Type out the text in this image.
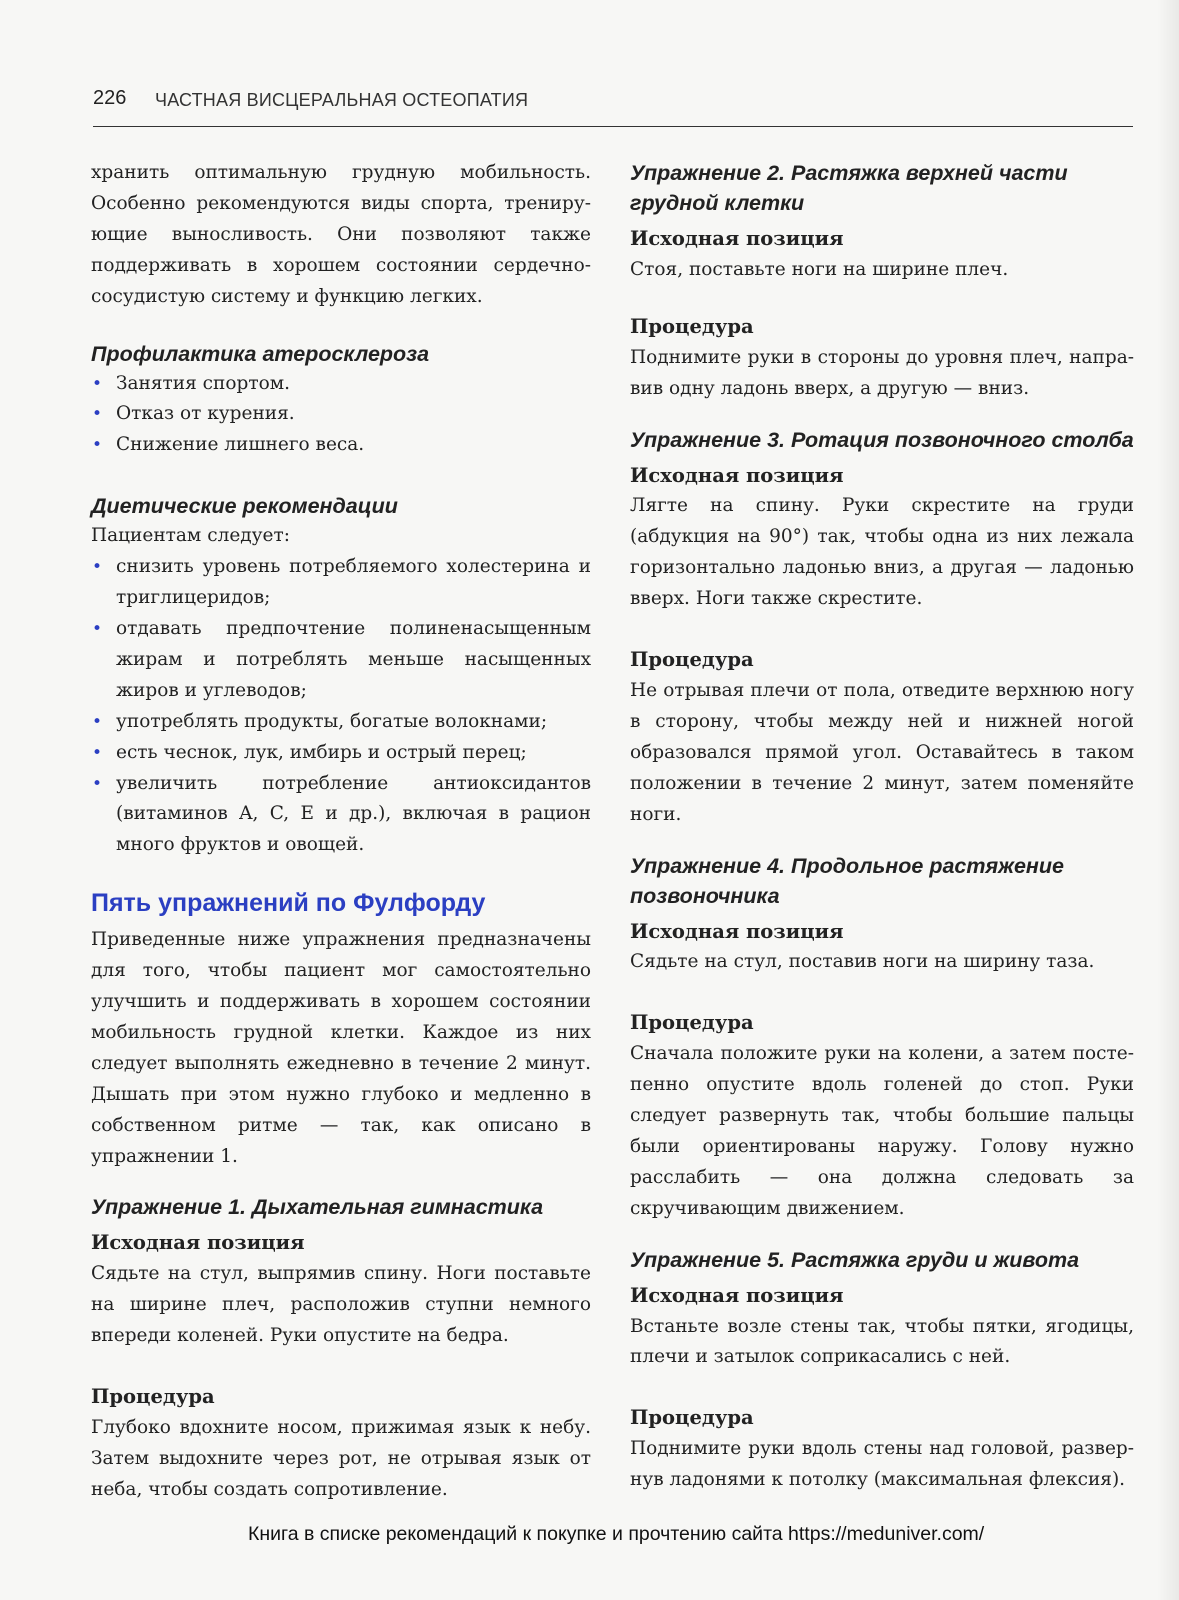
226 ЧАСТНАЯ ВИСЦЕРАЛЬНАЯ ОСТЕОПАТИЯ

хранить оптимальную грудную мобильность. Особенно рекомендуются виды спорта, тренирующие выносливость. Они позволяют также поддерживать в хорошем состоянии сердечно-сосудистую систему и функцию легких.

Профилактика атеросклероза
• Занятия спортом.
• Отказ от курения.
• Снижение лишнего веса.
Диетические рекомендации

Пациентам следует:

• снизить уровень потребляемого холестерина и триглицеридов;
• отдавать предпочтение полиненасыщенным жирам и потреблять меньше насыщенных жиров и углеводов;
• употреблять продукты, богатые волокнами;
• есть чеснок, лук, имбирь и острый перец;
• увеличить потребление антиоксидантов (витаминов A, C, E и др.), включая в рацион много фруктов и овощей.
Пять упражнений по Фулфорду

Приведенные ниже упражнения предназначены для того, чтобы пациент мог самостоятельно улучшить и поддерживать в хорошем состоянии мобильность грудной клетки. Каждое из них следует выполнять ежедневно в течение 2 минут. Дышать при этом нужно глубоко и медленно в собственном ритме — так, как описано в упражнении 1.

Упражнение 1. Дыхательная гимнастика
Исходная позиция

Сядьте на стул, выпрямив спину. Ноги поставьте на ширине плеч, расположив ступни немного впереди коленей. Руки опустите на бедра.

Процедура

Глубоко вдохните носом, прижимая язык к небу. Затем выдохните через рот, не отрывая язык от неба, чтобы создать сопротивление.

Упражнение 2. Растяжка верхней части грудной клетки
Исходная позиция

Стоя, поставьте ноги на ширине плеч.

Процедура

Поднимите руки в стороны до уровня плеч, направив одну ладонь вверх, а другую — вниз.

Упражнение 3. Ротация позвоночного столба
Исходная позиция

Лягте на спину. Руки скрестите на груди (абдукция на 90°) так, чтобы одна из них лежала горизонтально ладонью вниз, а другая — ладонью вверх. Ноги также скрестите.

Процедура

Не отрывая плечи от пола, отведите верхнюю ногу в сторону, чтобы между ней и нижней ногой образовался прямой угол. Оставайтесь в таком положении в течение 2 минут, затем поменяйте ноги.

Упражнение 4. Продольное растяжение позвоночника
Исходная позиция

Сядьте на стул, поставив ноги на ширину таза.

Процедура

Сначала положите руки на колени, а затем постепенно опустите вдоль голеней до стоп. Руки следует развернуть так, чтобы большие пальцы были ориентированы наружу. Голову нужно расслабить — она должна следовать за скручивающим движением.

Упражнение 5. Растяжка груди и живота
Исходная позиция

Встаньте возле стены так, чтобы пятки, ягодицы, плечи и затылок соприкасались с ней.

Процедура

Поднимите руки вдоль стены над головой, развернув ладонями к потолку (максимальная флексия).

Книга в списке рекомендаций к покупке и прочтению сайта https://meduniver.com/
